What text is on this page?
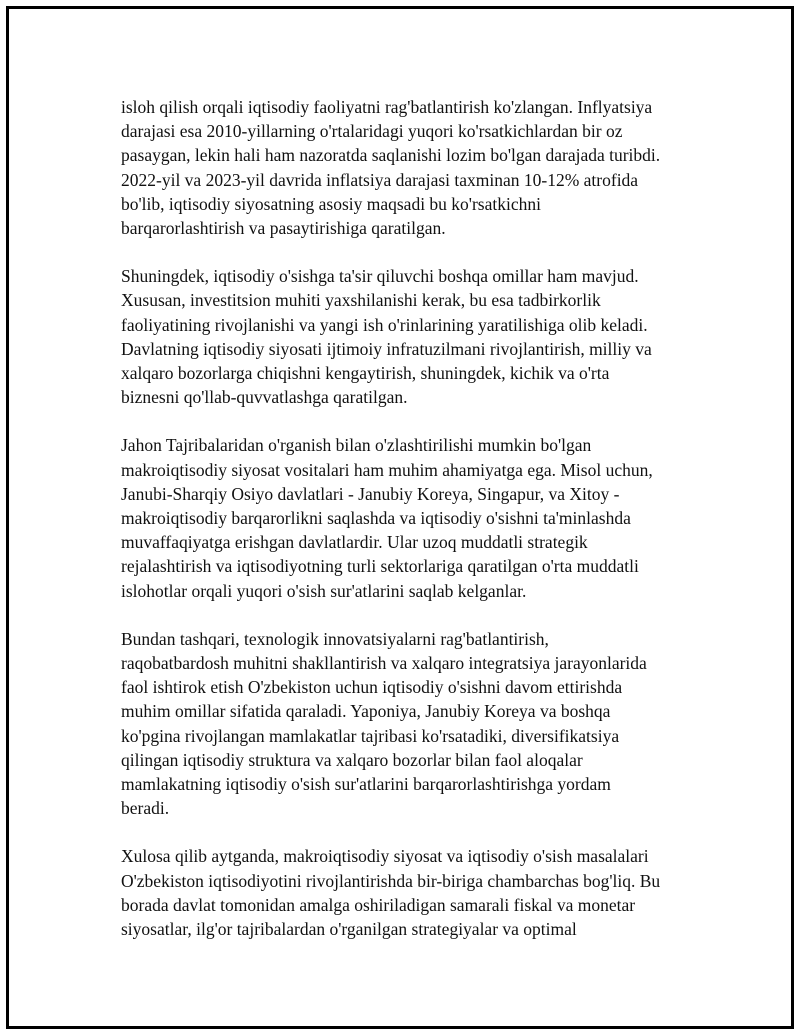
isloh qilish orqali iqtisodiy faoliyatni rag'batlantirish ko'zlangan. Inflyatsiya
darajasi esa 2010-yillarning o'rtalaridagi yuqori ko'rsatkichlardan bir oz
pasaygan, lekin hali ham nazoratda saqlanishi lozim bo'lgan darajada turibdi.
2022-yil va 2023-yil davrida inflatsiya darajasi taxminan 10-12% atrofida
bo'lib, iqtisodiy siyosatning asosiy maqsadi bu ko'rsatkichni
barqarorlashtirish va pasaytirishiga qaratilgan.

Shuningdek, iqtisodiy o'sishga ta'sir qiluvchi boshqa omillar ham mavjud.
Xususan, investitsion muhiti yaxshilanishi kerak, bu esa tadbirkorlik
faoliyatining rivojlanishi va yangi ish o'rinlarining yaratilishiga olib keladi.
Davlatning iqtisodiy siyosati ijtimoiy infratuzilmani rivojlantirish, milliy va
xalqaro bozorlarga chiqishni kengaytirish, shuningdek, kichik va o'rta
biznesni qo'llab-quvvatlashga qaratilgan.

Jahon Tajribalaridan o'rganish bilan o'zlashtirilishi mumkin bo'lgan
makroiqtisodiy siyosat vositalari ham muhim ahamiyatga ega. Misol uchun,
Janubi-Sharqiy Osiyo davlatlari - Janubiy Koreya, Singapur, va Xitoy -
makroiqtisodiy barqarorlikni saqlashda va iqtisodiy o'sishni ta'minlashda
muvaffaqiyatga erishgan davlatlardir. Ular uzoq muddatli strategik
rejalashtirish va iqtisodiyotning turli sektorlariga qaratilgan o'rta muddatli
islohotlar orqali yuqori o'sish sur'atlarini saqlab kelganlar.

Bundan tashqari, texnologik innovatsiyalarni rag'batlantirish,
raqobatbardosh muhitni shakllantirish va xalqaro integratsiya jarayonlarida
faol ishtirok etish O'zbekiston uchun iqtisodiy o'sishni davom ettirishda
muhim omillar sifatida qaraladi. Yaponiya, Janubiy Koreya va boshqa
ko'pgina rivojlangan mamlakatlar tajribasi ko'rsatadiki, diversifikatsiya
qilingan iqtisodiy struktura va xalqaro bozorlar bilan faol aloqalar
mamlakatning iqtisodiy o'sish sur'atlarini barqarorlashtirishga yordam
beradi.

Xulosa qilib aytganda, makroiqtisodiy siyosat va iqtisodiy o'sish masalalari
O'zbekiston iqtisodiyotini rivojlantirishda bir-biriga chambarchas bog'liq. Bu
borada davlat tomonidan amalga oshiriladigan samarali fiskal va monetar
siyosatlar, ilg'or tajribalardan o'rganilgan strategiyalar va optimal
